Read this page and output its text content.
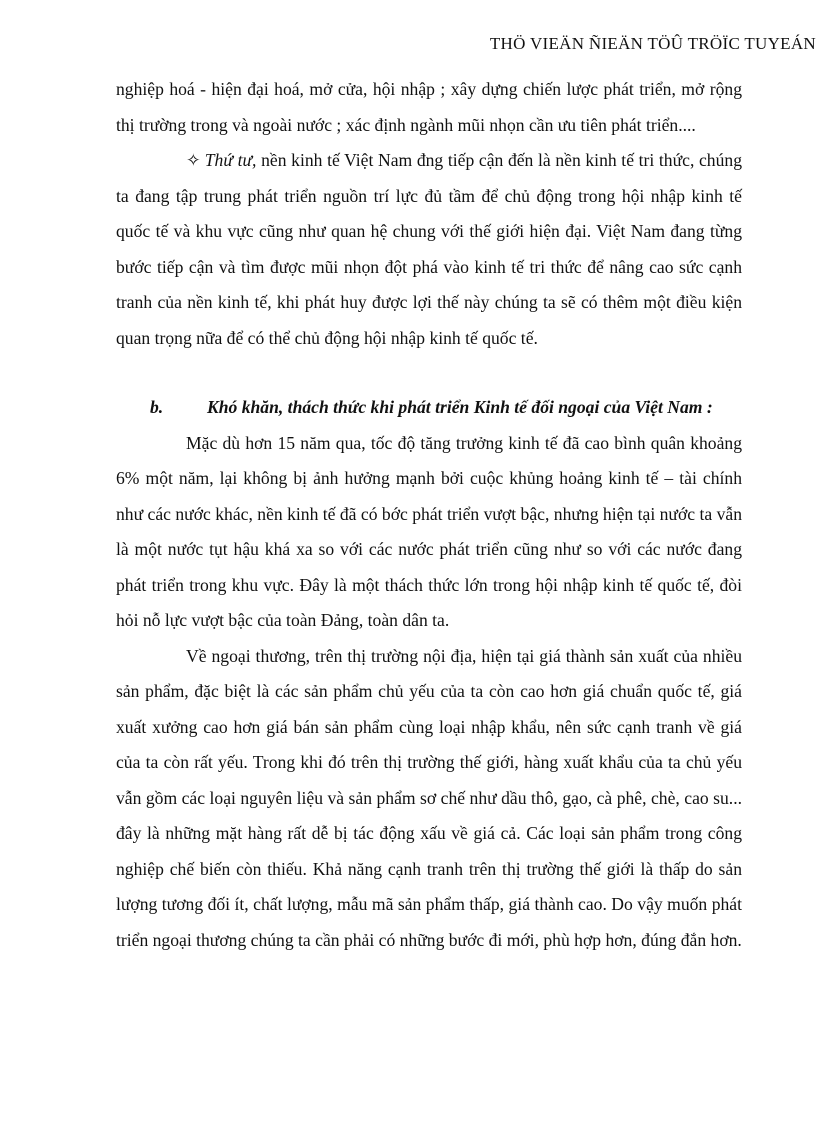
THÖ VIEÄN ÑIEÄN TÖÛ TRÖÏC TUYEÁN

nghiệp hoá - hiện đại hoá, mở cửa, hội nhập ; xây dựng chiến lược phát triển, mở rộng thị trường trong và ngoài nước ; xác định ngành mũi nhọn cần ưu tiên phát triển....

✧ Thứ tư, nền kinh tế Việt Nam đng tiếp cận đến là nền kinh tế tri thức, chúng ta đang tập trung phát triển nguồn trí lực đủ tầm để chủ động trong hội nhập kinh tế quốc tế và khu vực cũng như quan hệ chung với thế giới hiện đại. Việt Nam đang từng bước tiếp cận và tìm được mũi nhọn đột phá vào kinh tế tri thức để nâng cao sức cạnh tranh của nền kinh tế, khi phát huy được lợi thế này chúng ta sẽ có thêm một điều kiện quan trọng nữa để có thể chủ động hội nhập kinh tế quốc tế.

b. Khó khăn, thách thức khi phát triển Kinh tế đối ngoại của Việt Nam :

Mặc dù hơn 15 năm qua, tốc độ tăng trưởng kinh tế đã cao bình quân khoảng 6% một năm, lại không bị ảnh hưởng mạnh bởi cuộc khủng hoảng kinh tế – tài chính như các nước khác, nền kinh tế đã có bớc phát triển vượt bậc, nhưng hiện tại nước ta vẫn là một nước tụt hậu khá xa so với các nước phát triển cũng như so với các nước đang phát triển trong khu vực. Đây là một thách thức lớn trong hội nhập kinh tế quốc tế, đòi hỏi nỗ lực vượt bậc của toàn Đảng, toàn dân ta.

Về ngoại thương, trên thị trường nội địa, hiện tại giá thành sản xuất của nhiều sản phẩm, đặc biệt là các sản phẩm chủ yếu của ta còn cao hơn giá chuẩn quốc tế, giá xuất xưởng cao hơn giá bán sản phẩm cùng loại nhập khẩu, nên sức cạnh tranh về giá của ta còn rất yếu. Trong khi đó trên thị trường thế giới, hàng xuất khẩu của ta chủ yếu vẫn gồm các loại nguyên liệu và sản phẩm sơ chế như dầu thô, gạo, cà phê, chè, cao su... đây là những mặt hàng rất dễ bị tác động xấu về giá cả. Các loại sản phẩm trong công nghiệp chế biến còn thiếu. Khả năng cạnh tranh trên thị trường thế giới là thấp do sản lượng tương đối ít, chất lượng, mẫu mã sản phẩm thấp, giá thành cao. Do vậy muốn phát triển ngoại thương chúng ta cần phải có những bước đi mới, phù hợp hơn, đúng đắn hơn.
